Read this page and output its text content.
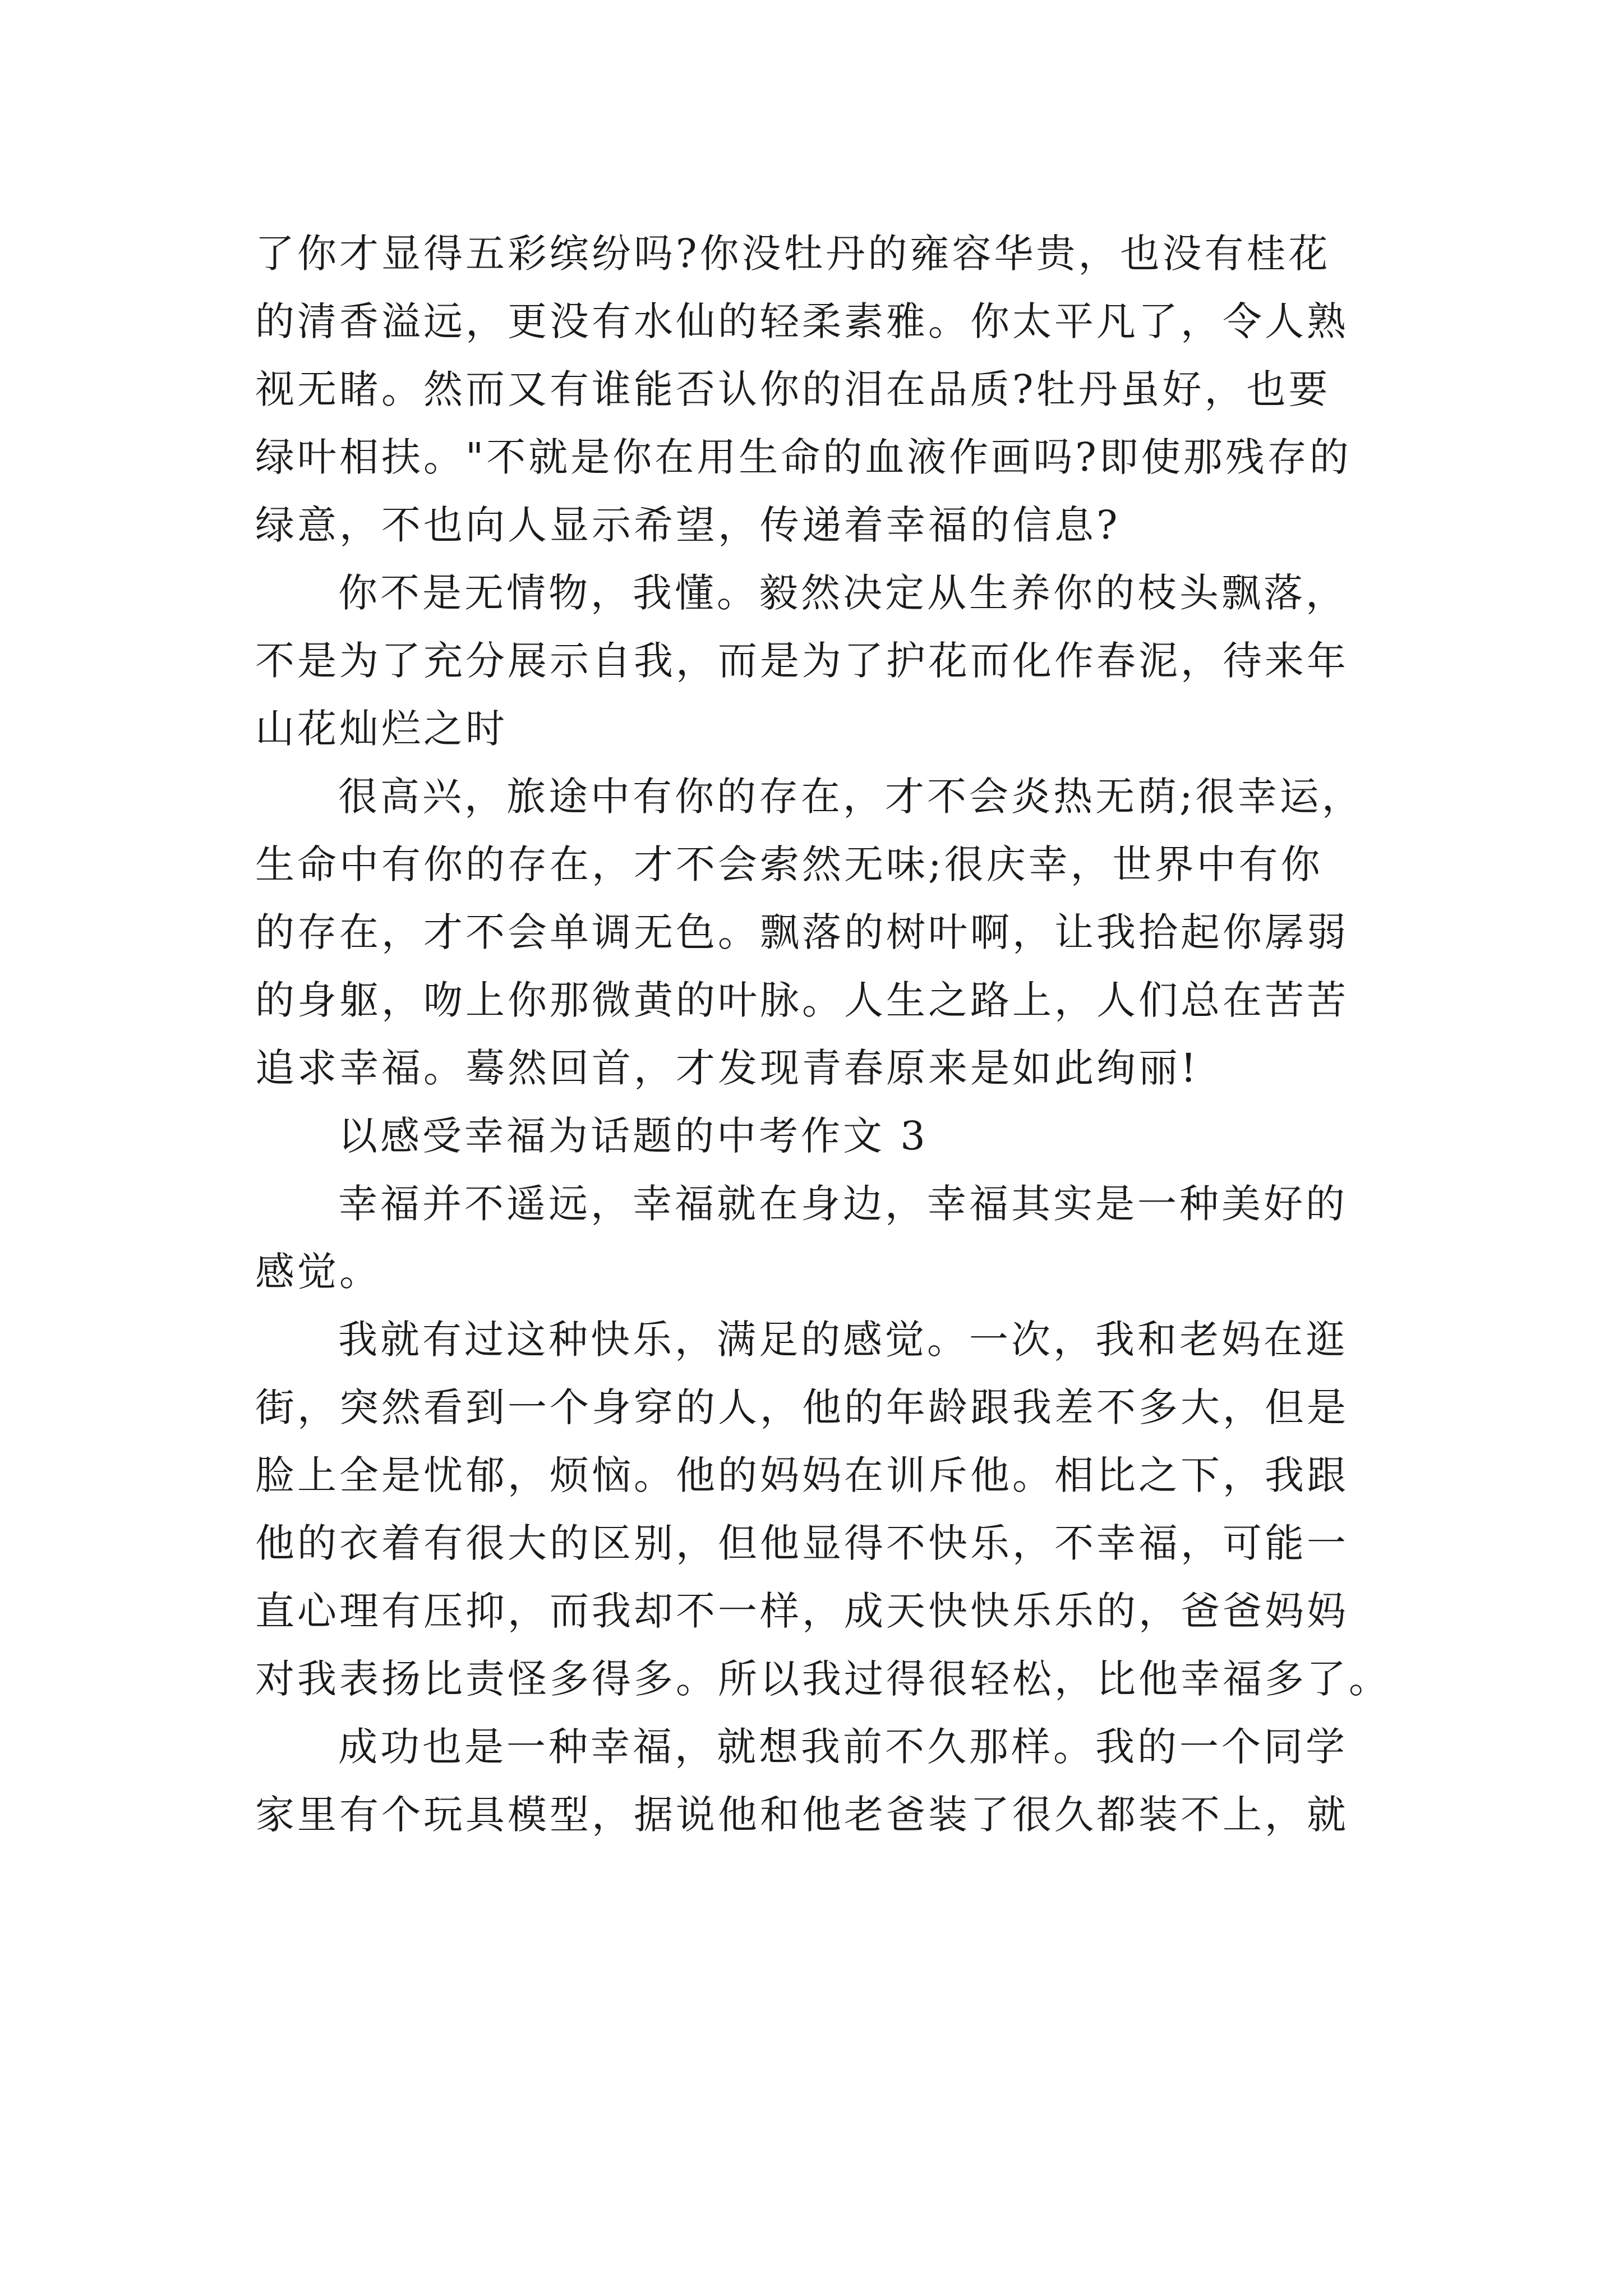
了你才显得五彩缤纷吗?你没牡丹的雍容华贵，也没有桂花
的清香溢远，更没有水仙的轻柔素雅。你太平凡了，令人熟
视无睹。然而又有谁能否认你的泪在品质?牡丹虽好，也要
绿叶相扶。"不就是你在用生命的血液作画吗?即使那残存的
绿意，不也向人显示希望，传递着幸福的信息?
你不是无情物，我懂。毅然决定从生养你的枝头飘落，
不是为了充分展示自我，而是为了护花而化作春泥，待来年
山花灿烂之时
很高兴，旅途中有你的存在，才不会炎热无荫;很幸运，
生命中有你的存在，才不会索然无味;很庆幸，世界中有你
的存在，才不会单调无色。飘落的树叶啊，让我拾起你孱弱
的身躯，吻上你那微黄的叶脉。人生之路上，人们总在苦苦
追求幸福。蓦然回首，才发现青春原来是如此绚丽!
以感受幸福为话题的中考作文 3
幸福并不遥远，幸福就在身边，幸福其实是一种美好的
感觉。
我就有过这种快乐，满足的感觉。一次，我和老妈在逛
街，突然看到一个身穿的人，他的年龄跟我差不多大，但是
脸上全是忧郁，烦恼。他的妈妈在训斥他。相比之下，我跟
他的衣着有很大的区别，但他显得不快乐，不幸福，可能一
直心理有压抑，而我却不一样，成天快快乐乐的，爸爸妈妈
对我表扬比责怪多得多。所以我过得很轻松，比他幸福多了。
成功也是一种幸福，就想我前不久那样。我的一个同学
家里有个玩具模型，据说他和他老爸装了很久都装不上，就
